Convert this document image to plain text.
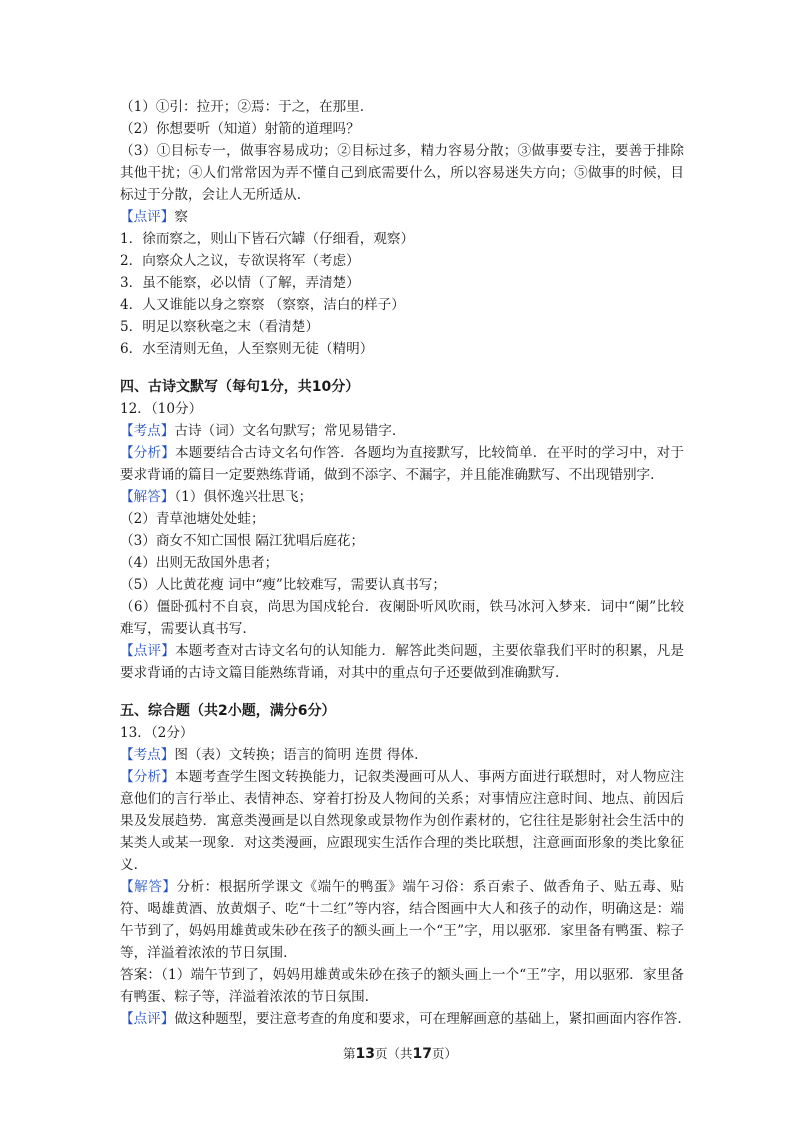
（1）①引：拉开；②焉：于之，在那里.
（2）你想要听（知道）射箭的道理吗？
（3）①目标专一，做事容易成功；②目标过多，精力容易分散；③做事要专注，要善于排除其他干扰；④人们常常因为弄不懂自己到底需要什么，所以容易迷失方向；⑤做事的时候，目标过于分散，会让人无所适从.
【点评】察
1．徐而察之，则山下皆石穴罅（仔细看，观察）
2．向察众人之议，专欲误将军（考虑）
3．虽不能察，必以情（了解，弄清楚）
4．人又谁能以身之察察 （察察，洁白的样子）
5．明足以察秋毫之末（看清楚）
6．水至清则无鱼，人至察则无徒（精明）
四、古诗文默写（每句1分，共10分）
12．（10分）
【考点】古诗（词）文名句默写；常见易错字.
【分析】本题要结合古诗文名句作答．各题均为直接默写，比较简单．在平时的学习中，对于要求背诵的篇目一定要熟练背诵，做到不添字、不漏字，并且能准确默写、不出现错别字.
【解答】（1）俱怀逸兴壮思飞；
（2）青草池塘处处蛙；
（3）商女不知亡国恨 隔江犹唱后庭花；
（4）出则无敌国外患者；
（5）人比黄花瘦 词中“瘦”比较难写，需要认真书写；
（6）僵卧孤村不自哀，尚思为国戍轮台．夜阑卧听风吹雨，铁马冰河入梦来．词中“阑”比较难写，需要认真书写.
【点评】本题考查对古诗文名句的认知能力．解答此类问题，主要依靠我们平时的积累，凡是要求背诵的古诗文篇目能熟练背诵，对其中的重点句子还要做到准确默写.
五、综合题（共2小题，满分6分）
13．（2分）
【考点】图（表）文转换；语言的简明 连贯 得体.
【分析】本题考查学生图文转换能力，记叙类漫画可从人、事两方面进行联想时，对人物应注意他们的言行举止、表情神态、穿着打扮及人物间的关系；对事情应注意时间、地点、前因后果及发展趋势．寓意类漫画是以自然现象或景物作为创作素材的，它往往是影射社会生活中的某类人或某一现象．对这类漫画，应跟现实生活作合理的类比联想，注意画面形象的类比象征义.
【解答】分析：根据所学课文《端午的鸭蛋》端午习俗：系百索子、做香角子、贴五毒、贴符、喝雄黄酒、放黄烟子、吃“十二红”等内容，结合图画中大人和孩子的动作，明确这是：端午节到了，妈妈用雄黄或朱砂在孩子的额头画上一个“王”字，用以驱邪．家里备有鸭蛋、粽子等，洋溢着浓浓的节日氛围.
答案：（1）端午节到了，妈妈用雄黄或朱砂在孩子的额头画上一个“王”字，用以驱邪．家里备有鸭蛋、粽子等，洋溢着浓浓的节日氛围.
【点评】做这种题型，要注意考查的角度和要求，可在理解画意的基础上，紧扣画面内容作答.
第13页（共17页）
